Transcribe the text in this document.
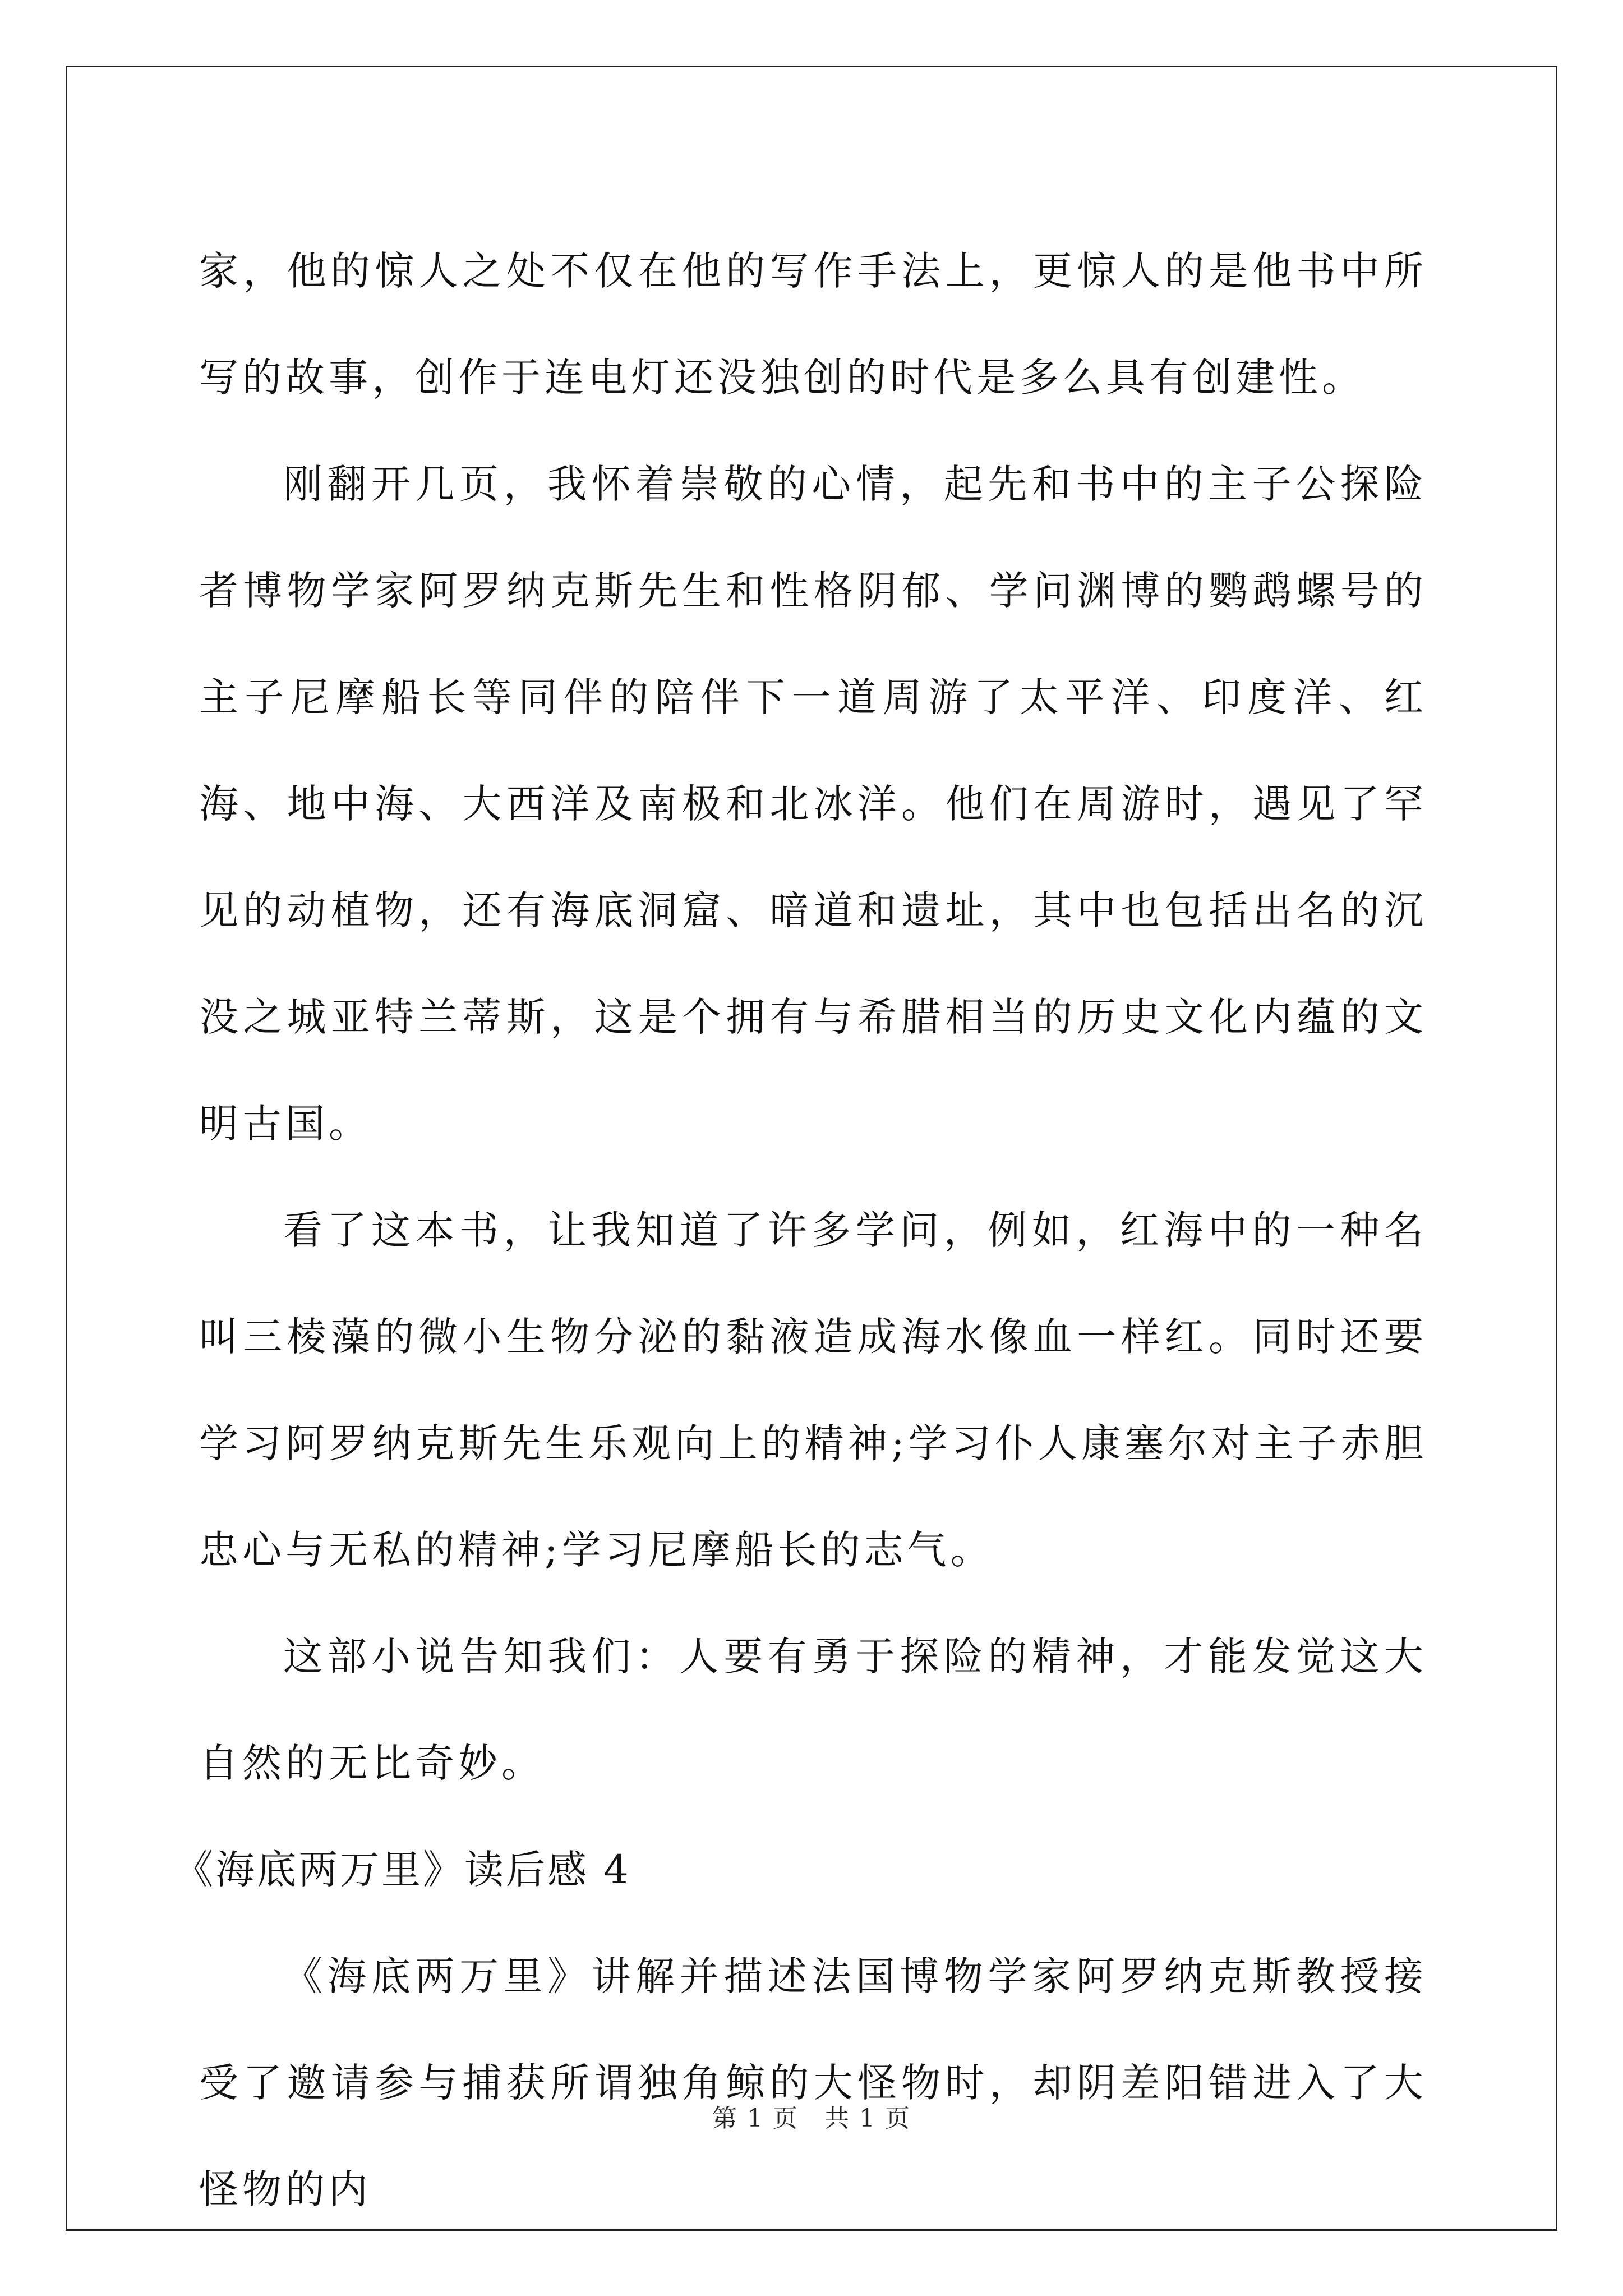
家，他的惊人之处不仅在他的写作手法上，更惊人的是他书中所写的故事，创作于连电灯还没独创的时代是多么具有创建性。

刚翻开几页，我怀着崇敬的心情，起先和书中的主子公探险者博物学家阿罗纳克斯先生和性格阴郁、学问渊博的鹦鹉螺号的主子尼摩船长等同伴的陪伴下一道周游了太平洋、印度洋、红海、地中海、大西洋及南极和北冰洋。他们在周游时，遇见了罕见的动植物，还有海底洞窟、暗道和遗址，其中也包括出名的沉没之城亚特兰蒂斯，这是个拥有与希腊相当的历史文化内蕴的文明古国。

看了这本书，让我知道了许多学问，例如，红海中的一种名叫三棱藻的微小生物分泌的黏液造成海水像血一样红。同时还要学习阿罗纳克斯先生乐观向上的精神;学习仆人康塞尔对主子赤胆忠心与无私的精神;学习尼摩船长的志气。

这部小说告知我们：人要有勇于探险的精神，才能发觉这大自然的无比奇妙。

《海底两万里》读后感 4

《海底两万里》讲解并描述法国博物学家阿罗纳克斯教授接受了邀请参与捕获所谓独角鲸的大怪物时，却阴差阳错进入了大怪物的内

第 1 页　共 1 页
